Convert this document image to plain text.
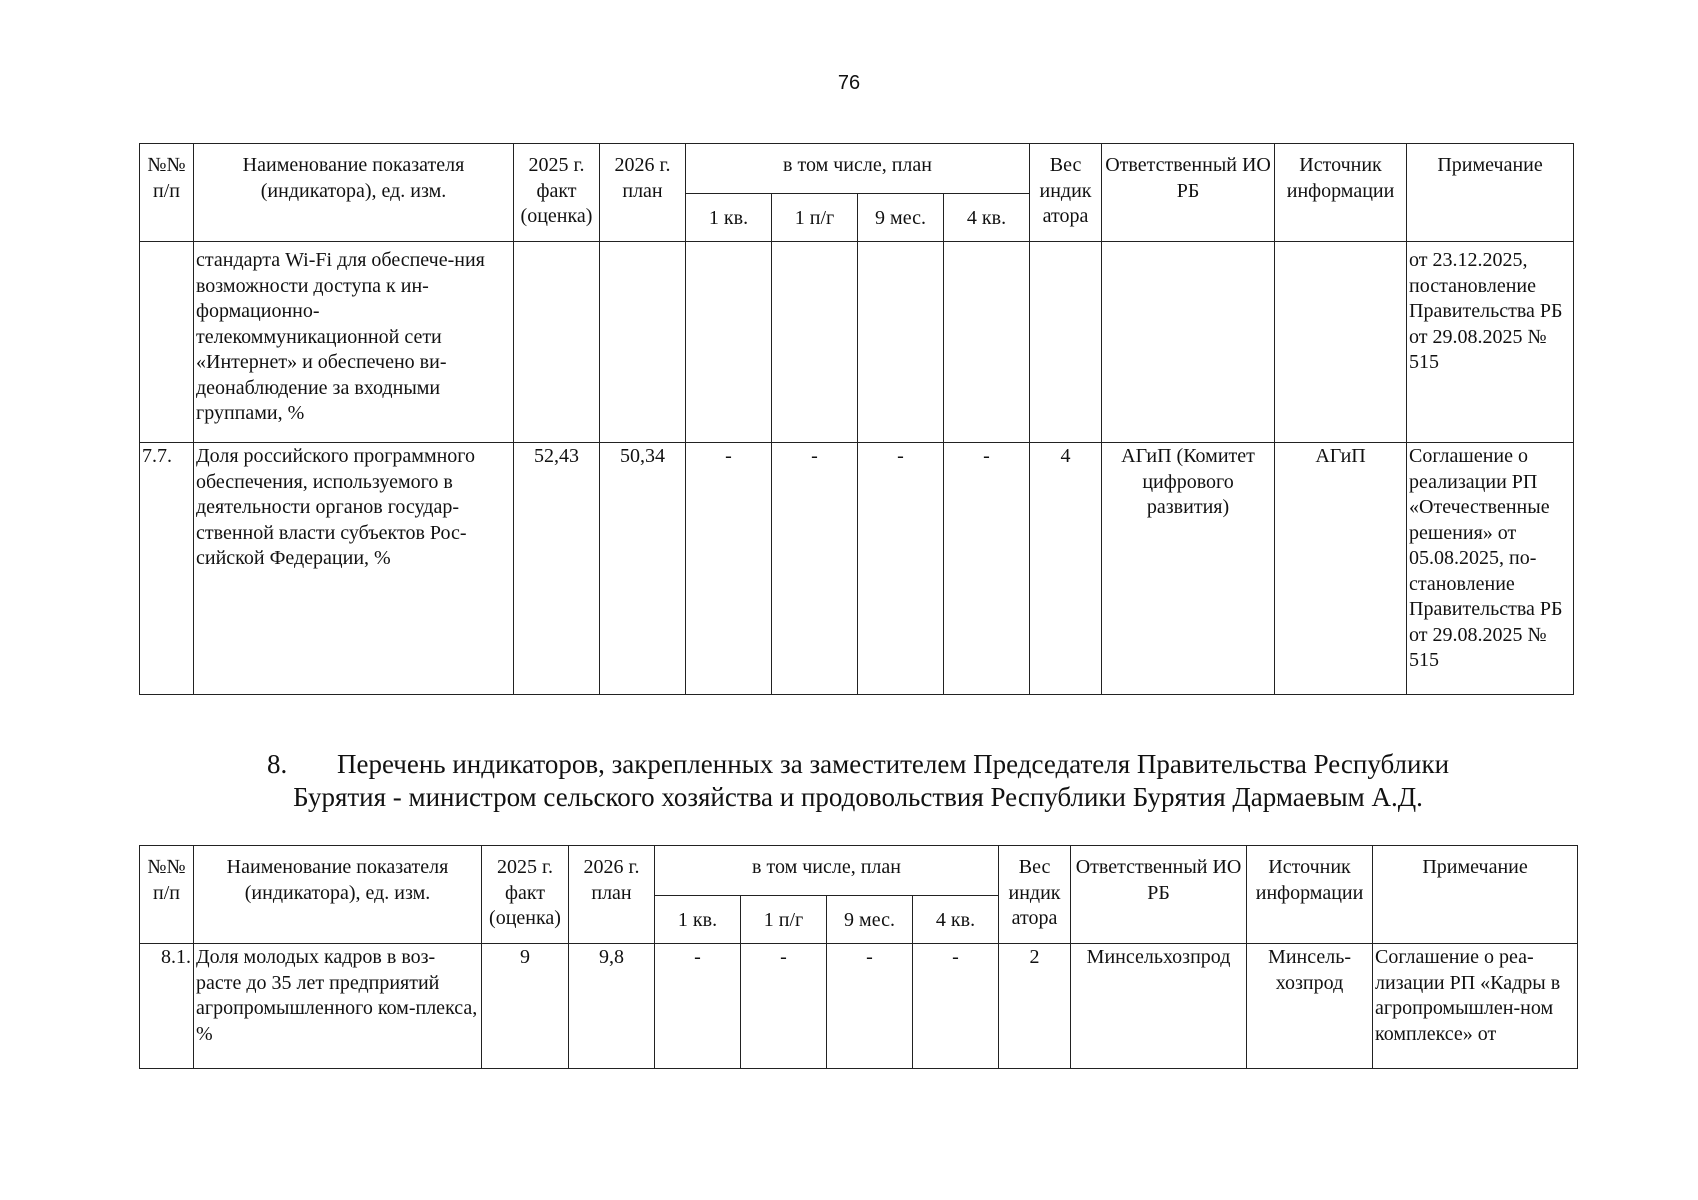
76
№№ п/п	Наименование показателя (индикатора), ед. изм.	2025 г. факт (оценка)	2026 г. план	в том числе, план				Вес индик атора	Ответственный ИО РБ	Источник информации	Примечание
				1 кв.	1 п/г	9 мес.	4 кв.				
	стандарта Wi-Fi для обеспече-ния возможности доступа к ин-формационно-телекоммуникационной сети «Интернет» и обеспечено ви-деонаблюдение за входными группами, %										от 23.12.2025, постановление Правительства РБ от 29.08.2025 № 515
7.7.	Доля российского программного обеспечения, используемого в деятельности органов государ-ственной власти субъектов Рос-сийской Федерации, %	52,43	50,34	-	-	-	-	4	АГиП (Комитет цифрового развития)	АГиП	Соглашение о реализации РП «Отечественные решения» от 05.08.2025, по-становление Правительства РБ от 29.08.2025 № 515
8. Перечень индикаторов, закрепленных за заместителем Председателя Правительства Республики
Бурятия - министром сельского хозяйства и продовольствия Республики Бурятия Дармаевым А.Д.
№№ п/п	Наименование показателя (индикатора), ед. изм.	2025 г. факт (оценка)	2026 г. план	в том числе, план				Вес индик атора	Ответственный ИО РБ	Источник информации	Примечание
				1 кв.	1 п/г	9 мес.	4 кв.				
8.1.	Доля молодых кадров в воз-расте до 35 лет предприятий агропромышленного ком-плекса, %	9	9,8	-	-	-	-	2	Минсельхозпрод	Минсель-хозпрод	Соглашение о реа-лизации РП «Кадры в агропромышлен-ном комплексе» от
